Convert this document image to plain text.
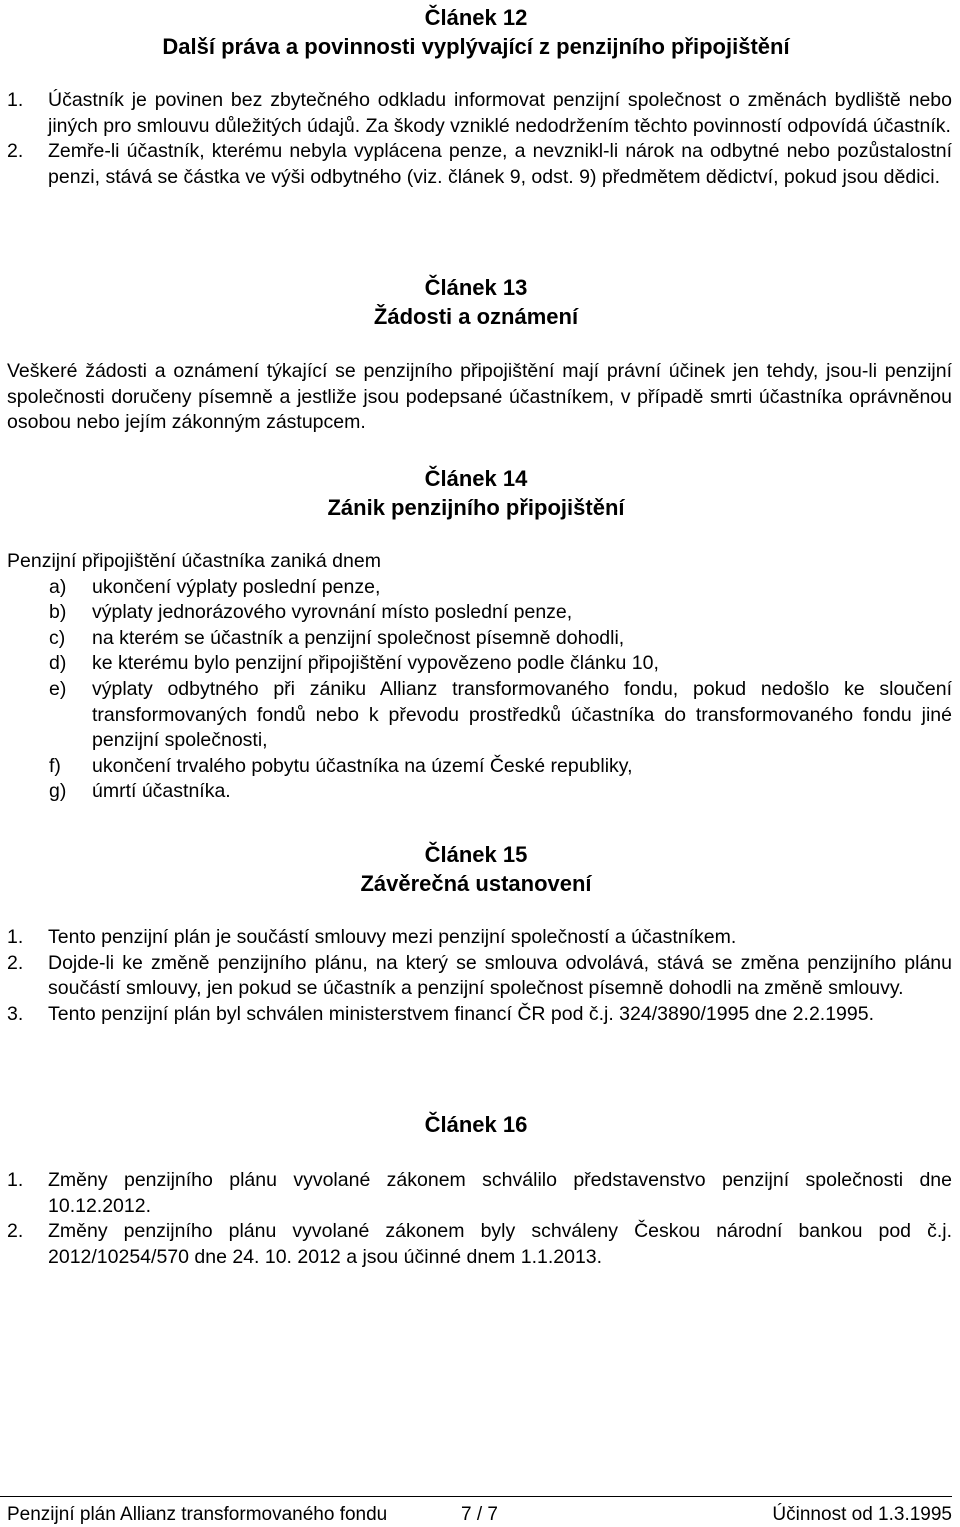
Článek 12
Další práva a povinnosti vyplývající z penzijního připojištění
1. Účastník je povinen bez zbytečného odkladu informovat penzijní společnost o změnách bydliště nebo jiných pro smlouvu důležitých údajů. Za škody vzniklé nedodržením těchto povinností odpovídá účastník.
2. Zemře-li účastník, kterému nebyla vyplácena penze, a nevznikl-li nárok na odbytné nebo pozůstalostní penzi, stává se částka ve výši odbytného (viz. článek 9, odst. 9) předmětem dědictví, pokud jsou dědici.
Článek 13
Žádosti a oznámení

Veškeré žádosti a oznámení týkající se penzijního připojištění mají právní účinek jen tehdy, jsou-li penzijní společnosti doručeny písemně a jestliže jsou podepsané účastníkem, v případě smrti účastníka oprávněnou osobou nebo jejím zákonným zástupcem.

Článek 14
Zánik penzijního připojištění

Penzijní připojištění účastníka zaniká dnem

a) ukončení výplaty poslední penze,
b) výplaty jednorázového vyrovnání místo poslední penze,
c) na kterém se účastník a penzijní společnost písemně dohodli,
d) ke kterému bylo penzijní připojištění vypovězeno podle článku 10,
e) výplaty odbytného při zániku Allianz transformovaného fondu, pokud nedošlo ke sloučení transformovaných fondů nebo k převodu prostředků účastníka do transformovaného fondu jiné penzijní společnosti,
f) ukončení trvalého pobytu účastníka na území České republiky,
g) úmrtí účastníka.
Článek 15
Závěrečná ustanovení
1. Tento penzijní plán je součástí smlouvy mezi penzijní společností a účastníkem.
2. Dojde-li ke změně penzijního plánu, na který se smlouva odvolává, stává se změna penzijního plánu součástí smlouvy, jen pokud se účastník a penzijní společnost písemně dohodli na změně smlouvy.
3. Tento penzijní plán byl schválen ministerstvem financí ČR pod č.j. 324/3890/1995 dne 2.2.1995.
Článek 16
1. Změny penzijního plánu vyvolané zákonem schválilo představenstvo penzijní společnosti dne 10.12.2012.
2. Změny penzijního plánu vyvolané zákonem byly schváleny Českou národní bankou pod č.j. 2012/10254/570 dne 24. 10. 2012 a jsou účinné dnem 1.1.2013.
Penzijní plán Allianz transformovaného fondu	7 / 7	Účinnost od 1.3.1995
